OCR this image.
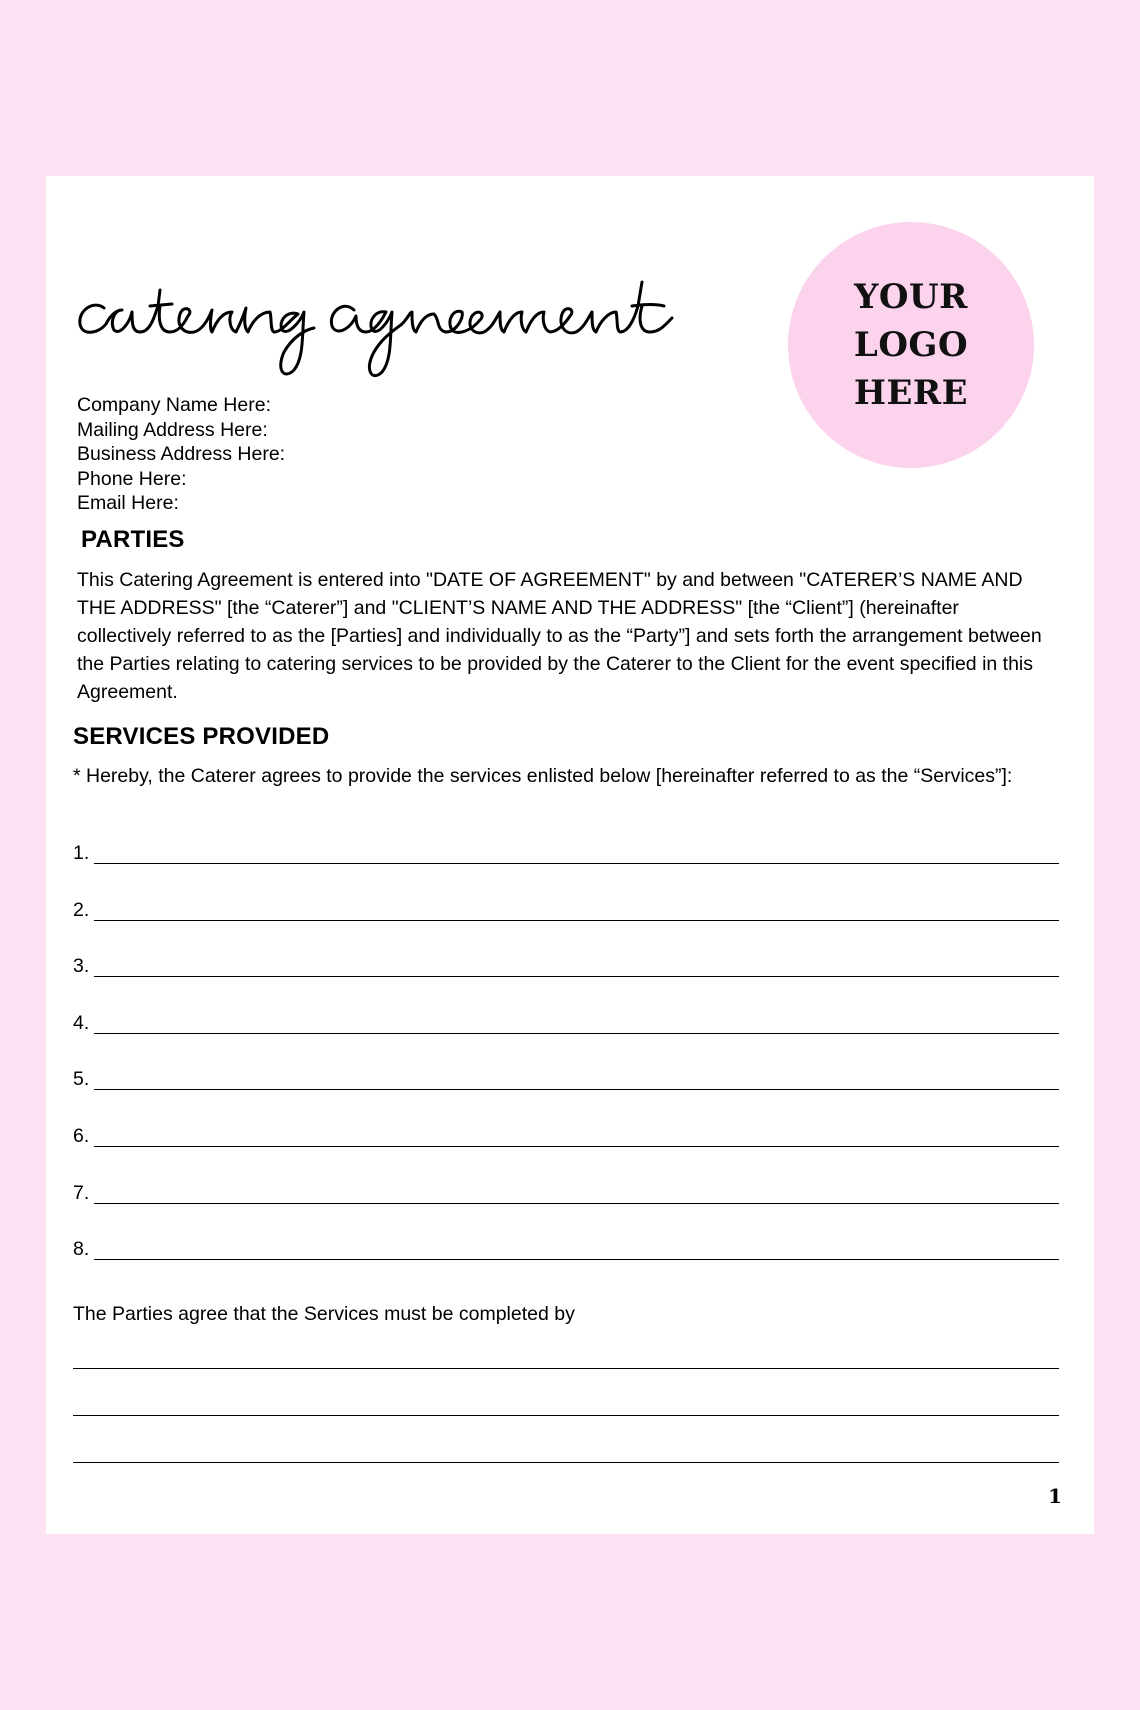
YOUR
LOGO
HERE
Company Name Here:
Mailing Address Here:
Business Address Here:
Phone Here:
Email Here:
PARTIES
This Catering Agreement is entered into "DATE OF AGREEMENT" by and between "CATERER’S NAME AND THE ADDRESS" [the “Caterer”] and "CLIENT’S NAME AND THE ADDRESS" [the “Client”] (hereinafter collectively referred to as the [Parties] and individually to as the “Party”] and sets forth the arrangement between the Parties relating to catering services to be provided by the Caterer to the Client for the event specified in this Agreement.
SERVICES PROVIDED
* Hereby, the Caterer agrees to provide the services enlisted below [hereinafter referred to as the “Services”]:
1.
2.
3.
4.
5.
6.
7.
8.
The Parties agree that the Services must be completed by
1
